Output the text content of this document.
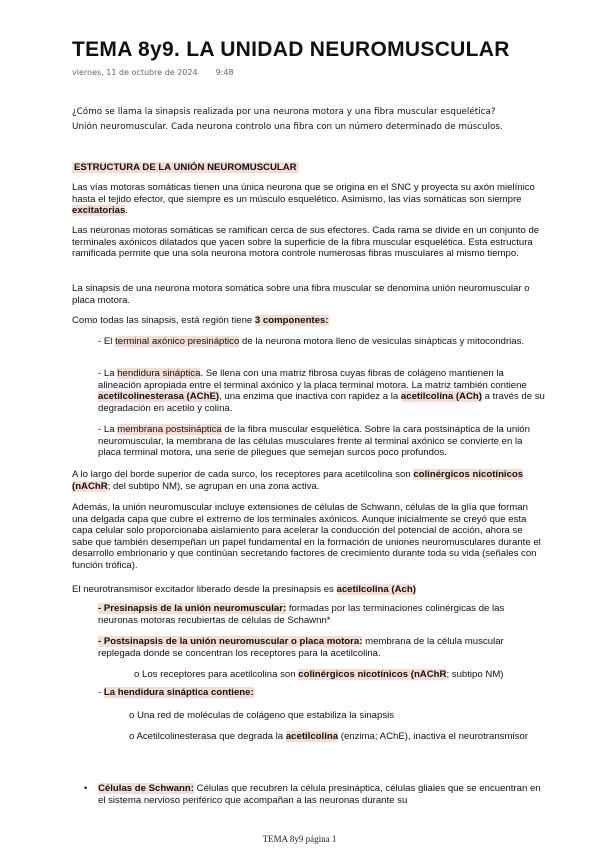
TEMA 8y9. LA UNIDAD NEUROMUSCULAR
viernes, 11 de octubre de 2024 9:48

¿Cómo se llama la sinapsis realizada por una neurona motora y una fibra muscular esquelética?

Unión neuromuscular. Cada neurona controlo una fibra con un número determinado de músculos.

ESTRUCTURA DE LA UNIÓN NEUROMUSCULAR
Las vías motoras somáticas tienen una única neurona que se origina en el SNC y proyecta su axón mielínico hasta el tejido efector, que siempre es un músculo esquelético. Asimismo, las vías somáticas son siempre excitatorias.
Las neuronas motoras somáticas se ramifican cerca de sus efectores. Cada rama se divide en un conjunto de terminales axónicos dilatados que yacen sobre la superficie de la fibra muscular esquelética. Esta estructura ramificada permite que una sola neurona motora controle numerosas fibras musculares al mismo tiempo.
La sinapsis de una neurona motora somática sobre una fibra muscular se denomina unión neuromuscular o placa motora.
Como todas las sinapsis, está región tiene 3 componentes:
- El terminal axónico presináptico de la neurona motora lleno de vesiculas sinápticas y mitocondrias.
- La hendidura sináptica. Se llena con una matriz fibrosa cuyas fibras de colágeno mantienen la alineación apropiada entre el terminal axónico y la placa terminal motora. La matriz también contiene acetilcolinesterasa (AChE), una enzima que inactiva con rapidez a la acetilcolina (ACh) a través de su degradación en acetilo y colina.
- La membrana postsináptica de la fibra muscular esquelética. Sobre la cara postsináptica de la unión neuromuscular, la membrana de las células musculares frente al terminal axónico se convierte en la placa terminal motora, una serie de pliegues que semejan surcos poco profundos.
A lo largo del borde superior de cada surco, los receptores para acetilcolina son colinérgicos nicotínicos (nAChR; del subtipo NM), se agrupan en una zona activa.
Además, la unión neuromuscular incluye extensiones de células de Schwann, células de la glía que forman una delgada capa que cubre el extremo de los terminales axónicos. Aunque inicialmente se creyó que esta capa celular solo proporcionaba aislamiento para acelerar la conducción del potencial de acción, ahora se sabe que también desempeñan un papel fundamental en la formación de uniones neuromusculares durante el desarrollo embrionario y que continúan secretando factores de crecimiento durante toda su vida (señales con función trófica).
El neurotransmisor excitador liberado desde la presinapsis es acetilcolina (Ach)
- Presinapsis de la unión neuromuscular: formadas por las terminaciones colinérgicas de las neuronas motoras recubiertas de células de Schawnn*
- Postsinapsis de la unión neuromuscular o placa motora: membrana de la célula muscular replegada donde se concentran los receptores para la acetilcolina.
o Los receptores para acetilcolina son colinérgicos nicotínicos (nAChR; subtipo NM)
- La hendidura sináptica contiene:
o Una red de moléculas de colágeno que estabiliza la sinapsis
o Acetilcolinesterasa que degrada la acetilcolina (enzima; AChE), inactiva el neurotransmisor
•	Células de Schwann: Células que recubren la célula presináptica, células gliales que se encuentran en el sistema nervioso periférico que acompañan a las neuronas durante su
TEMA 8y9 página 1
